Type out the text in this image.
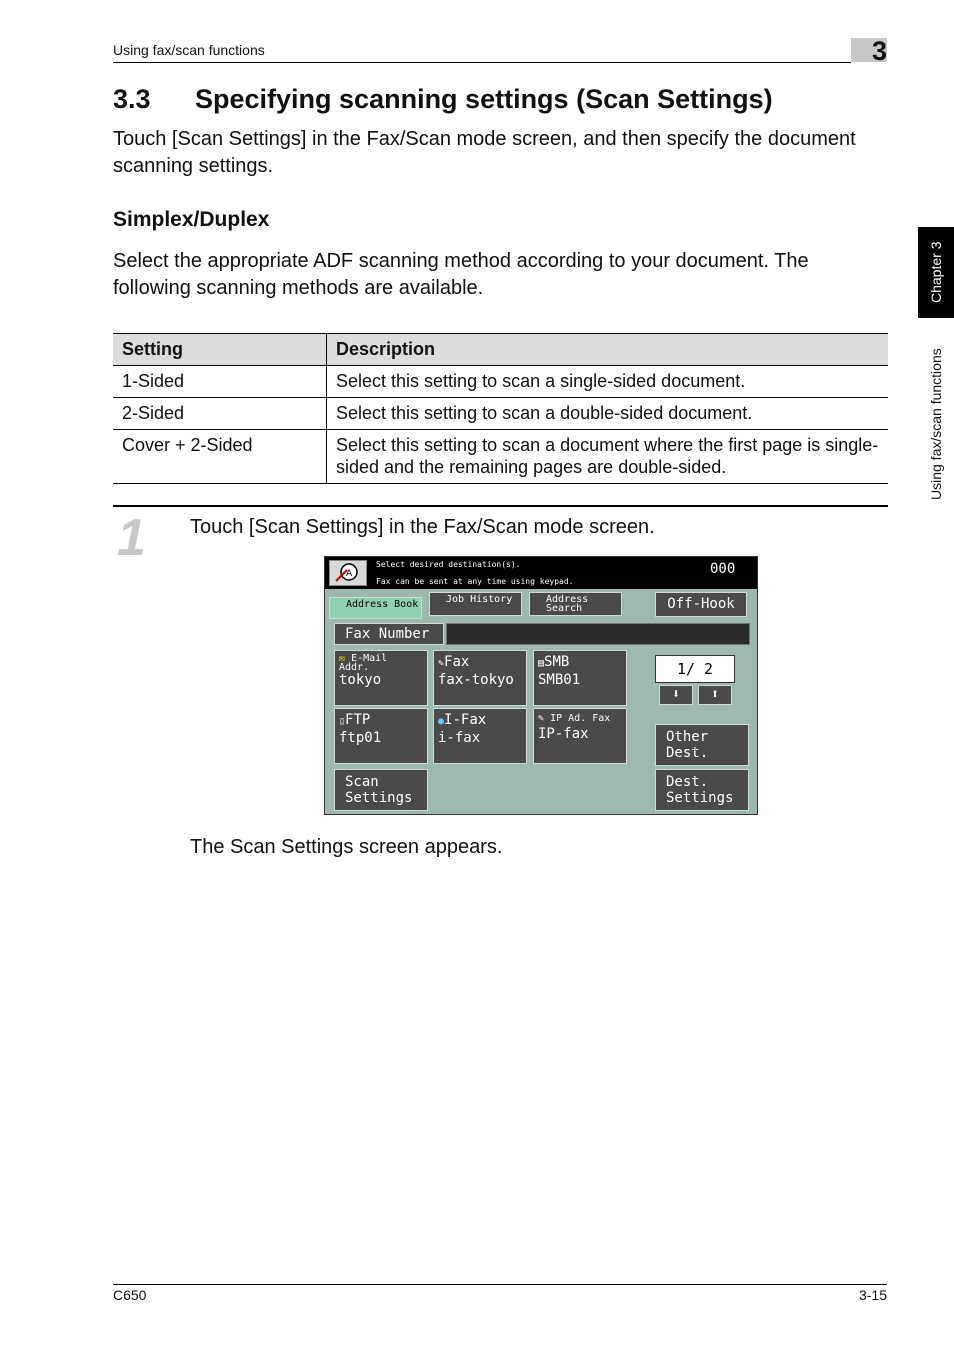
Using fax/scan functions	3
Chapter 3
Using fax/scan functions
3.3 Specifying scanning settings (Scan Settings)
Touch [Scan Settings] in the Fax/Scan mode screen, and then specify the document scanning settings.
Simplex/Duplex
Select the appropriate ADF scanning method according to your document. The following scanning methods are available.
Setting	Description
1-Sided	Select this setting to scan a single-sided document.
2-Sided	Select this setting to scan a double-sided document.
Cover + 2-Sided	Select this setting to scan a document where the first page is single-sided and the remaining pages are double-sided.
1 Touch [Scan Settings] in the Fax/Scan mode screen.
A
Select desired destination(s).
Fax can be sent at any time using keypad.
000
Address Book	Job History	Address Search	Off-Hook
Fax Number
✉ E-Mail Addr.
tokyo
✎Fax
fax-tokyo
▤SMB
SMB01
▯FTP
ftp01
●I-Fax
i-fax
✎ IP Ad. Fax
IP-fax
1/ 2
⬇	⬆
Other Dest.
Scan Settings
Dest. Settings
The Scan Settings screen appears.
C650	3-15
